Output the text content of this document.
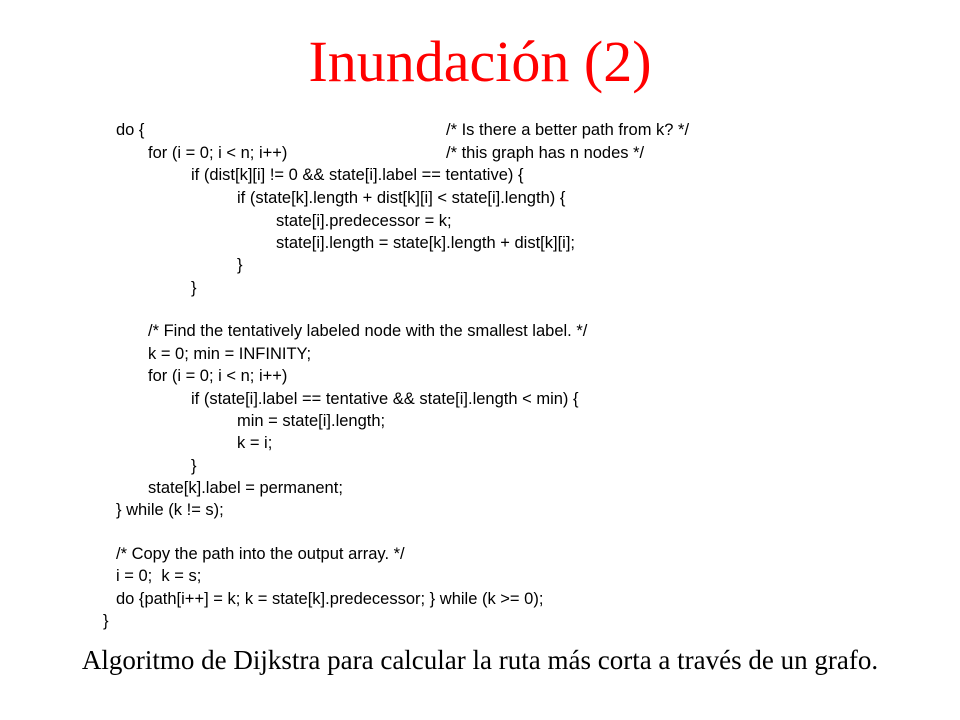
Inundación (2)
do {	/* Is there a better path from k? */
for (i = 0; i < n; i++)	/* this graph has n nodes */
if (dist[k][i] != 0 && state[i].label == tentative) {
if (state[k].length + dist[k][i] < state[i].length) {
state[i].predecessor = k;
state[i].length = state[k].length + dist[k][i];
}
}
/* Find the tentatively labeled node with the smallest label. */
k = 0; min = INFINITY;
for (i = 0; i < n; i++)
if (state[i].label == tentative && state[i].length < min) {
min = state[i].length;
k = i;
}
state[k].label = permanent;
} while (k != s);
/* Copy the path into the output array. */
i = 0;  k = s;
do {path[i++] = k; k = state[k].predecessor; } while (k >= 0);
}

Algoritmo de Dijkstra para calcular la ruta más corta a través de un grafo.
